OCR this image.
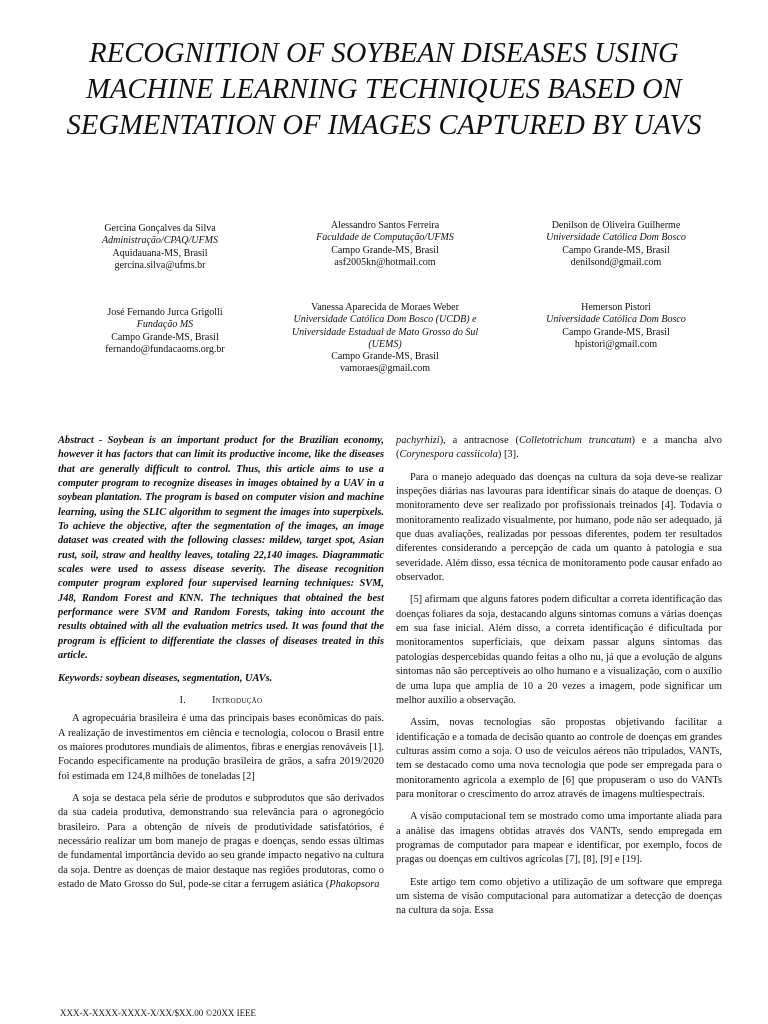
RECOGNITION OF SOYBEAN DISEASES USING MACHINE LEARNING TECHNIQUES BASED ON SEGMENTATION OF IMAGES CAPTURED BY UAVS
Gercina Gonçalves da Silva
Administração/CPAQ/UFMS
Aquidauana-MS, Brasil
gercina.silva@ufms.br
Alessandro Santos Ferreira
Faculdade de Computação/UFMS
Campo Grande-MS, Brasil
asf2005kn@hotmail.com
Denilson de Oliveira Guilherme
Universidade Católica Dom Bosco
Campo Grande-MS, Brasil
denilsond@gmail.com
José Fernando Jurca Grigolli
Fundação MS
Campo Grande-MS, Brasil
fernando@fundacaoms.org.br
Vanessa Aparecida de Moraes Weber
Universidade Católica Dom Bosco (UCDB) e Universidade Estadual de Mato Grosso do Sul (UEMS)
Campo Grande-MS, Brasil
vamoraes@gmail.com
Hemerson Pistori
Universidade Católica Dom Bosco
Campo Grande-MS, Brasil
hpistori@gmail.com

Abstract - Soybean is an important product for the Brazilian economy, however it has factors that can limit its productive income, like the diseases that are generally difficult to control. Thus, this article aims to use a computer program to recognize diseases in images obtained by a UAV in a soybean plantation. The program is based on computer vision and machine learning, using the SLIC algorithm to segment the images into superpixels. To achieve the objective, after the segmentation of the images, an image dataset was created with the following classes: mildew, target spot, Asian rust, soil, straw and healthy leaves, totaling 22,140 images. Diagrammatic scales were used to assess disease severity. The disease recognition computer program explored four supervised learning techniques: SVM, J48, Random Forest and KNN. The techniques that obtained the best performance were SVM and Random Forests, taking into account the results obtained with all the evaluation metrics used. It was found that the program is efficient to differentiate the classes of diseases treated in this article.

Keywords: soybean diseases, segmentation, UAVs.

I.	Introdução

A agropecuária brasileira é uma das principais bases econômicas do país. A realização de investimentos em ciência e tecnologia, colocou o Brasil entre os maiores produtores mundiais de alimentos, fibras e energias renováveis [1]. Focando especificamente na produção brasileira de grãos, a safra 2019/2020 foi estimada em 124,8 milhões de toneladas [2]

A soja se destaca pela série de produtos e subprodutos que são derivados da sua cadeia produtiva, demonstrando sua relevância para o agronegócio brasileiro. Para a obtenção de níveis de produtividade satisfatórios, é necessário realizar um bom manejo de pragas e doenças, sendo essas últimas de fundamental importância devido ao seu grande impacto negativo na cultura da soja. Dentre as doenças de maior destaque nas regiões produtoras, como o estado de Mato Grosso do Sul, pode-se citar a ferrugem asiática (Phakopsora

pachyrhizi), a antracnose (Colletotrichum truncatum) e a mancha alvo (Corynespora cassiicola) [3].

Para o manejo adequado das doenças na cultura da soja deve-se realizar inspeções diárias nas lavouras para identificar sinais do ataque de doenças. O monitoramento deve ser realizado por profissionais treinados [4]. Todavia o monitoramento realizado visualmente, por humano, pode não ser adequado, já que duas avaliações, realizadas por pessoas diferentes, podem ter resultados diferentes considerando a percepção de cada um quanto à patologia e sua severidade. Além disso, essa técnica de monitoramento pode causar enfado ao observador.

[5] afirmam que alguns fatores podem dificultar a correta identificação das doenças foliares da soja, destacando alguns sintomas comuns a várias doenças em sua fase inicial. Além disso, a correta identificação é dificultada por monitoramentos superficiais, que deixam passar alguns sintomas das patologias despercebidas quando feitas a olho nu, já que a evolução de alguns sintomas não são perceptíveis ao olho humano e a visualização, com o auxílio de uma lupa que amplia de 10 a 20 vezes a imagem, pode significar um melhor auxílio a observação.

Assim, novas tecnologias são propostas objetivando facilitar a identificação e a tomada de decisão quanto ao controle de doenças em grandes culturas assim como a soja. O uso de veículos aéreos não tripulados, VANTs, tem se destacado como uma nova tecnologia que pode ser empregada para o monitoramento agrícola a exemplo de [6] que propuseram o uso do VANTs para monitorar o crescimento do arroz através de imagens multiespectrais.

A visão computacional tem se mostrado como uma importante aliada para a análise das imagens obtidas através dos VANTs, sendo empregada em programas de computador para mapear e identificar, por exemplo, focos de pragas ou doenças em cultivos agrícolas [7], [8], [9] e [19].

Este artigo tem como objetivo a utilização de um software que emprega um sistema de visão computacional para automatizar a detecção de doenças na cultura da soja. Essa

XXX-X-XXXX-XXXX-X/XX/$XX.00 ©20XX IEEE
